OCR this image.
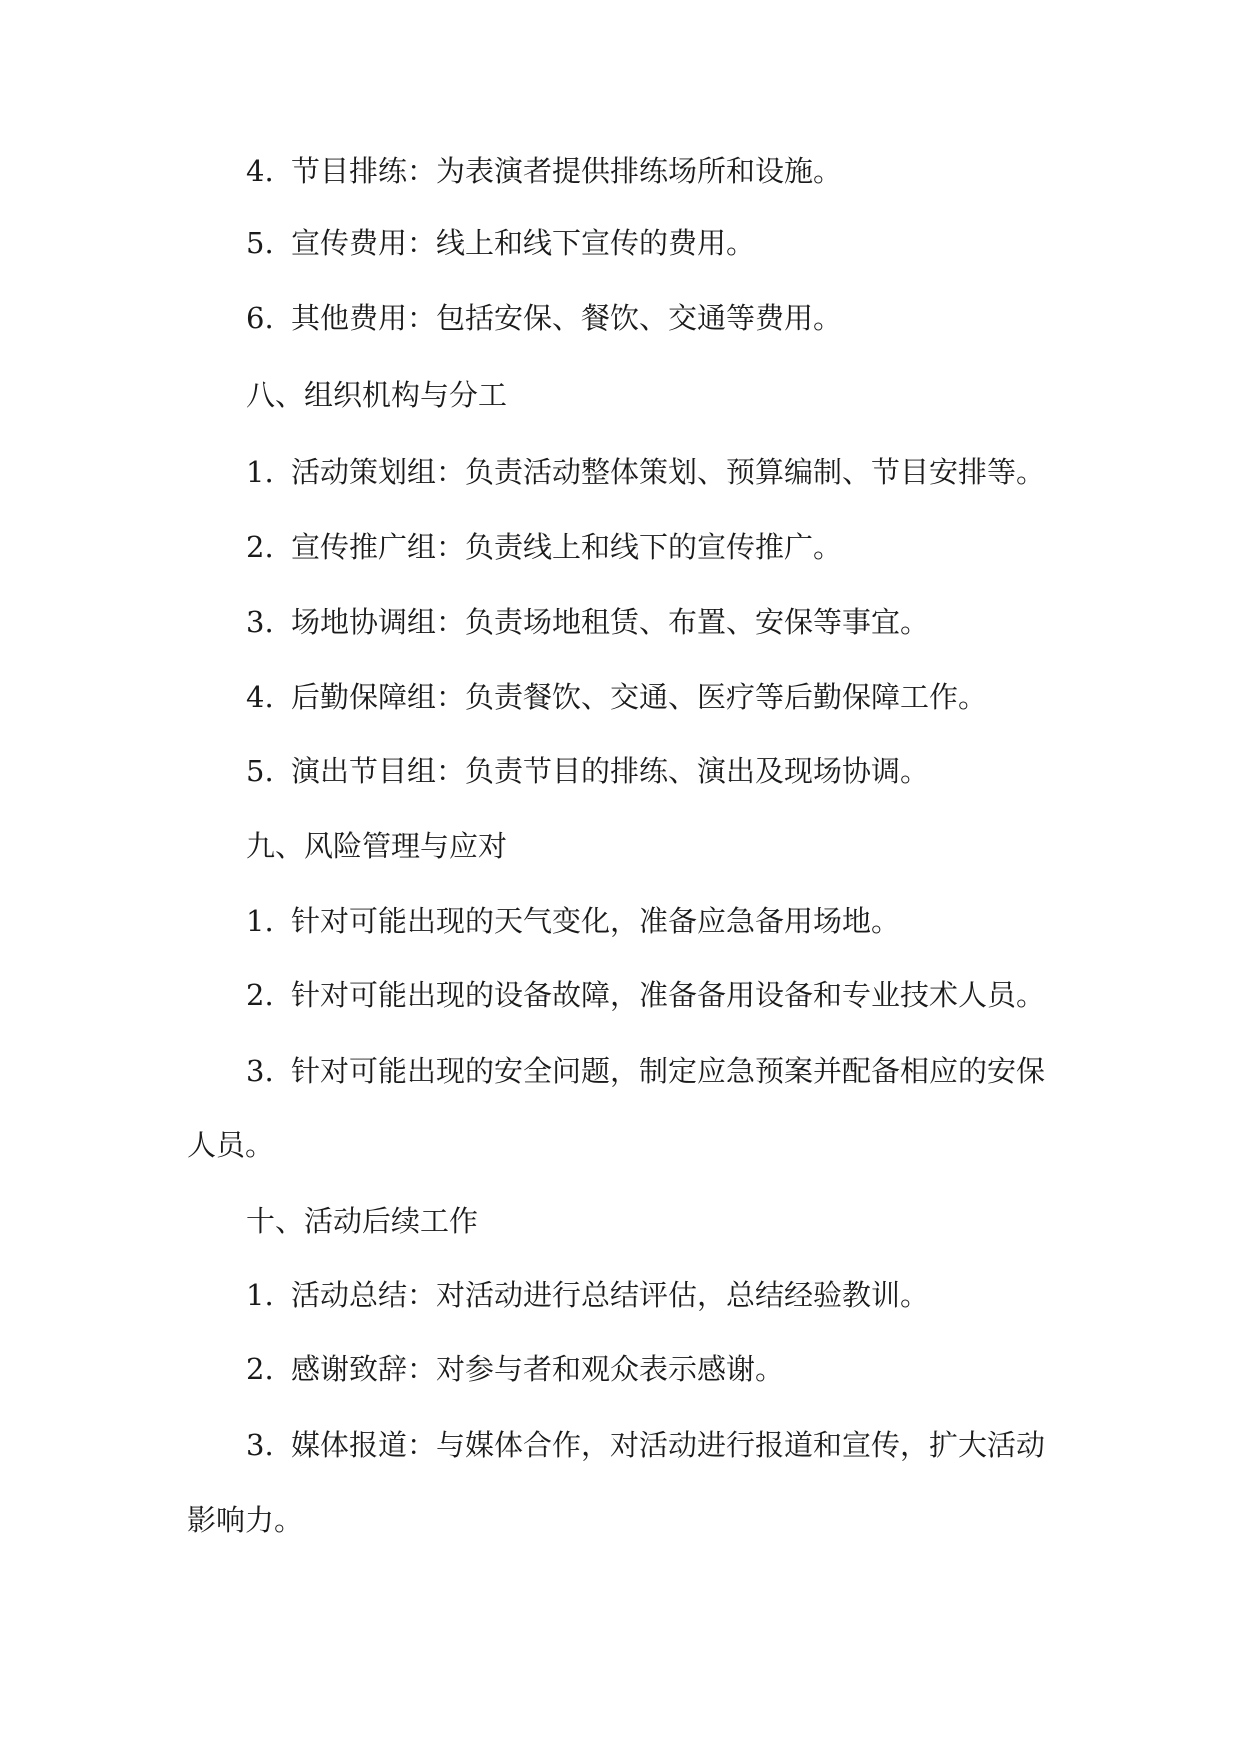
4. 节目排练：为表演者提供排练场所和设施。
5. 宣传费用：线上和线下宣传的费用。
6. 其他费用：包括安保、餐饮、交通等费用。
八、组织机构与分工
1. 活动策划组：负责活动整体策划、预算编制、节目安排等。
2. 宣传推广组：负责线上和线下的宣传推广。
3. 场地协调组：负责场地租赁、布置、安保等事宜。
4. 后勤保障组：负责餐饮、交通、医疗等后勤保障工作。
5. 演出节目组：负责节目的排练、演出及现场协调。
九、风险管理与应对
1. 针对可能出现的天气变化，准备应急备用场地。
2. 针对可能出现的设备故障，准备备用设备和专业技术人员。
3. 针对可能出现的安全问题，制定应急预案并配备相应的安保
人员。
十、活动后续工作
1. 活动总结：对活动进行总结评估，总结经验教训。
2. 感谢致辞：对参与者和观众表示感谢。
3. 媒体报道：与媒体合作，对活动进行报道和宣传，扩大活动
影响力。
